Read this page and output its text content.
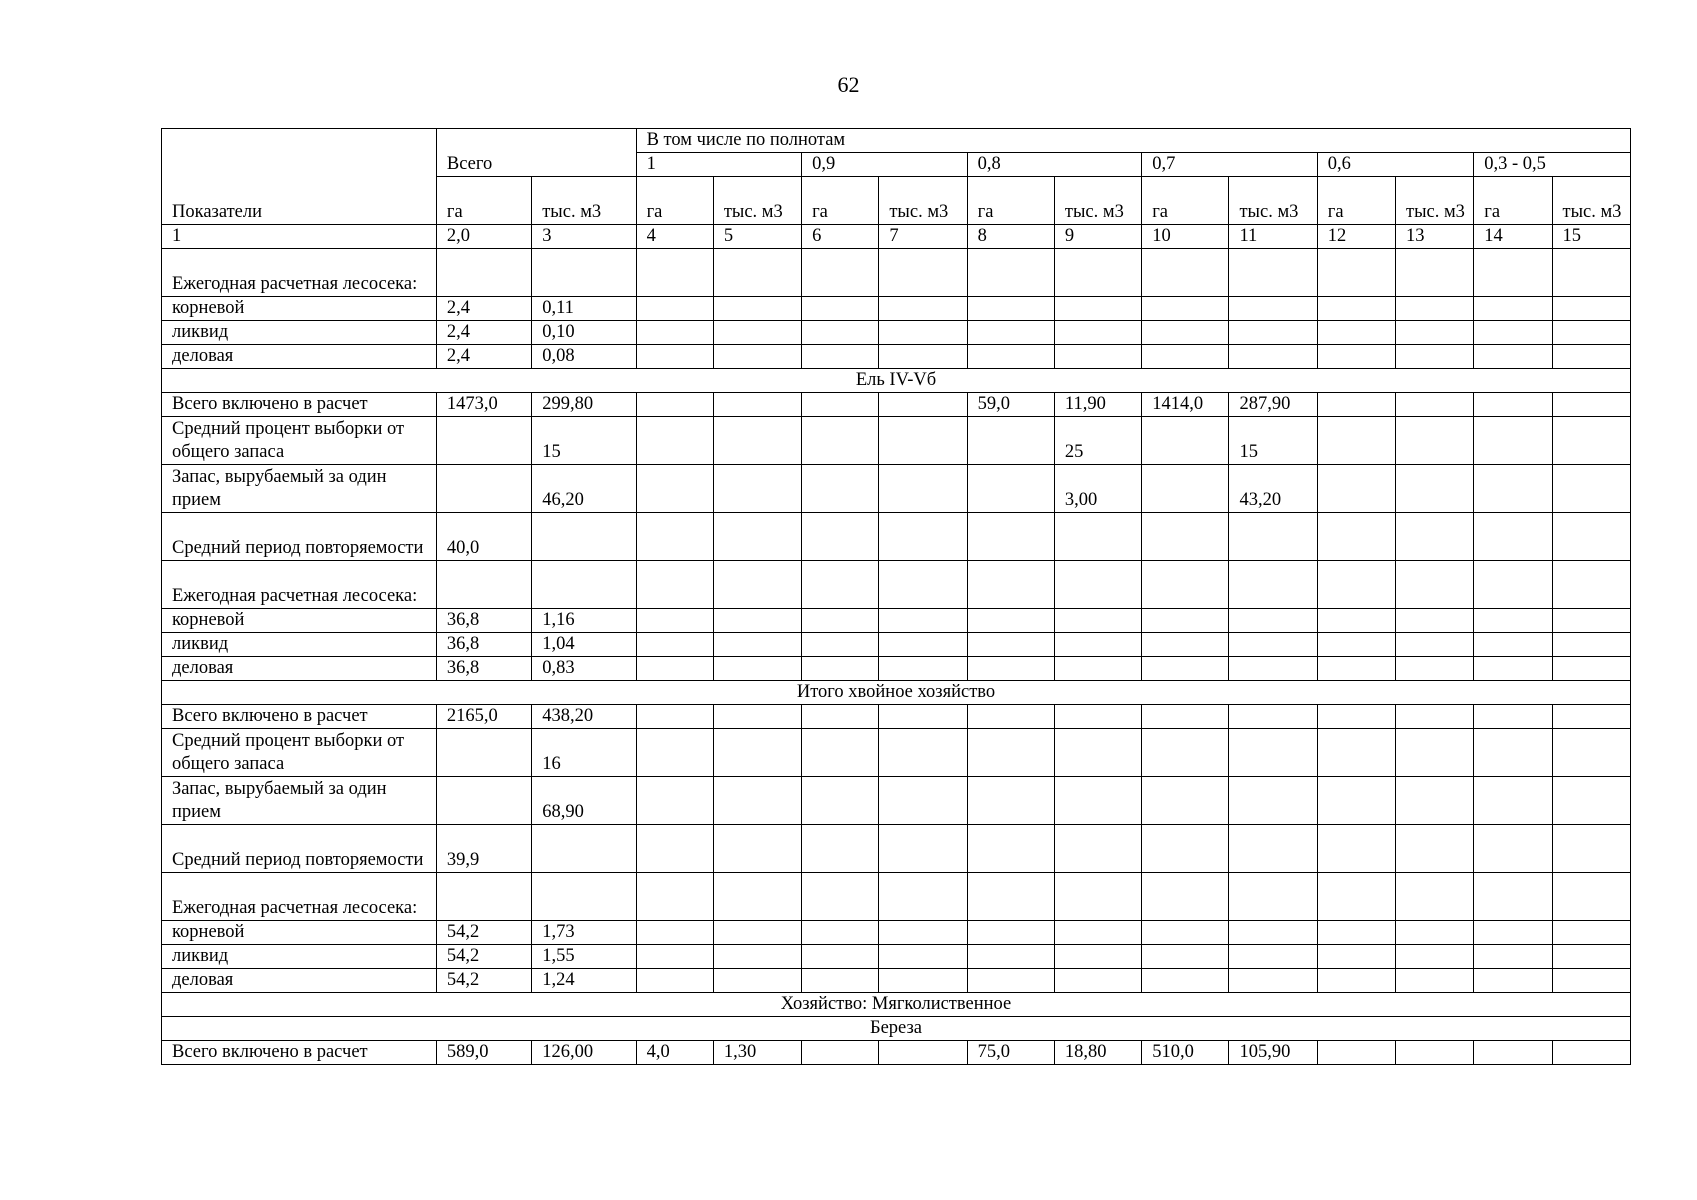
62
Показатели			В том числе по полнотам											
	Всего		1		0,9		0,8		0,7		0,6		0,3 - 0,5	
	га	тыс. м3	га	тыс. м3	га	тыс. м3	га	тыс. м3	га	тыс. м3	га	тыс. м3	га	тыс. м3
1	2,0	3	4	5	6	7	8	9	10	11	12	13	14	15
Ежегодная расчетная лесосека:														
корневой	2,4	0,11												
ликвид	2,4	0,10												
деловая	2,4	0,08												
Ель IV-Vб														
Всего включено в расчет	1473,0	299,80					59,0	11,90	1414,0	287,90				
Средний процент выборки от общего запаса		15						25		15				
Запас, вырубаемый за один прием		46,20						3,00		43,20				
Средний период повторяемости	40,0													
Ежегодная расчетная лесосека:														
корневой	36,8	1,16												
ликвид	36,8	1,04												
деловая	36,8	0,83												
Итого хвойное хозяйство														
Всего включено в расчет	2165,0	438,20												
Средний процент выборки от общего запаса		16												
Запас, вырубаемый за один прием		68,90												
Средний период повторяемости	39,9													
Ежегодная расчетная лесосека:														
корневой	54,2	1,73												
ликвид	54,2	1,55												
деловая	54,2	1,24												
Хозяйство: Мягколиственное														
Береза														
Всего включено в расчет	589,0	126,00	4,0	1,30			75,0	18,80	510,0	105,90				
